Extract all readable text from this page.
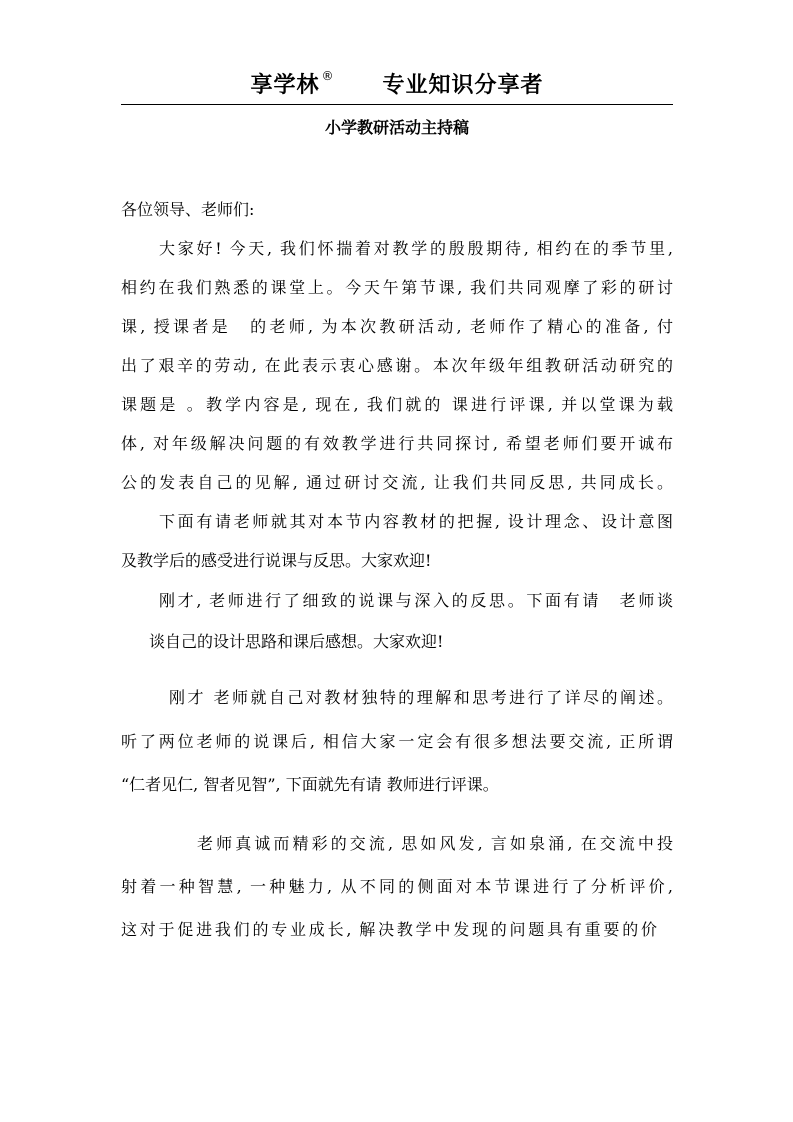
享学林 ® 专业知识分享者
小学教研活动主持稿
各位领导、老师们:
大家好! 今天, 我们怀揣着对教学的殷殷期待, 相约在的季节里,
相约在我们熟悉的课堂上。今天午第节课, 我们共同观摩了彩的研讨
课, 授课者是　的老师, 为本次教研活动, 老师作了精心的准备, 付
出了艰辛的劳动, 在此表示衷心感谢。本次年级年组教研活动研究的
课题是 。教学内容是, 现在, 我们就的 课进行评课, 并以堂课为载
体, 对年级解决问题的有效教学进行共同探讨, 希望老师们要开诚布
公的发表自己的见解, 通过研讨交流, 让我们共同反思, 共同成长。
下面有请老师就其对本节内容教材的把握, 设计理念、设计意图
及教学后的感受进行说课与反思。大家欢迎!
刚才, 老师进行了细致的说课与深入的反思。下面有请　老师谈
谈自己的设计思路和课后感想。大家欢迎!
刚才 老师就自己对教材独特的理解和思考进行了详尽的阐述。
听了两位老师的说课后, 相信大家一定会有很多想法要交流, 正所谓
“仁者见仁, 智者见智”, 下面就先有请 教师进行评课。
老师真诚而精彩的交流, 思如风发, 言如泉涌, 在交流中投
射着一种智慧, 一种魅力, 从不同的侧面对本节课进行了分析评价,
这对于促进我们的专业成长, 解决教学中发现的问题具有重要的价
